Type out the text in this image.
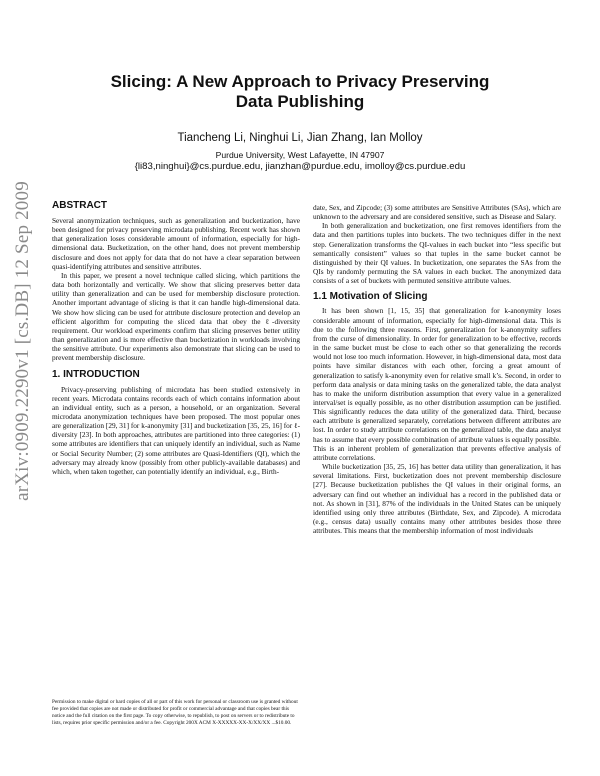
arXiv:0909.2290v1 [cs.DB] 12 Sep 2009
Slicing: A New Approach to Privacy Preserving
Data Publishing
Tiancheng Li, Ninghui Li, Jian Zhang, Ian Molloy
Purdue University, West Lafayette, IN 47907
{li83,ninghui}@cs.purdue.edu, jianzhan@purdue.edu, imolloy@cs.purdue.edu
ABSTRACT

Several anonymization techniques, such as generalization and bucketization, have been designed for privacy preserving microdata publishing. Recent work has shown that generalization loses considerable amount of information, especially for high-dimensional data. Bucketization, on the other hand, does not prevent membership disclosure and does not apply for data that do not have a clear separation between quasi-identifying attributes and sensitive attributes.

In this paper, we present a novel technique called slicing, which partitions the data both horizontally and vertically. We show that slicing preserves better data utility than generalization and can be used for membership disclosure protection. Another important advantage of slicing is that it can handle high-dimensional data. We show how slicing can be used for attribute disclosure protection and develop an efficient algorithm for computing the sliced data that obey the ℓ-diversity requirement. Our workload experiments confirm that slicing preserves better utility than generalization and is more effective than bucketization in workloads involving the sensitive attribute. Our experiments also demonstrate that slicing can be used to prevent membership disclosure.

1. INTRODUCTION

Privacy-preserving publishing of microdata has been studied extensively in recent years. Microdata contains records each of which contains information about an individual entity, such as a person, a household, or an organization. Several microdata anonymization techniques have been proposed. The most popular ones are generalization [29, 31] for k-anonymity [31] and bucketization [35, 25, 16] for ℓ-diversity [23]. In both approaches, attributes are partitioned into three categories: (1) some attributes are identifiers that can uniquely identify an individual, such as Name or Social Security Number; (2) some attributes are Quasi-Identifiers (QI), which the adversary may already know (possibly from other publicly-available databases) and which, when taken together, can potentially identify an individual, e.g., Birth-

Permission to make digital or hard copies of all or part of this work for personal or classroom use is granted without fee provided that copies are not made or distributed for profit or commercial advantage and that copies bear this notice and the full citation on the first page. To copy otherwise, to republish, to post on servers or to redistribute to lists, requires prior specific permission and/or a fee. Copyright 200X ACM X-XXXXX-XX-X/XX/XX ...$10.00.

date, Sex, and Zipcode; (3) some attributes are Sensitive Attributes (SAs), which are unknown to the adversary and are considered sensitive, such as Disease and Salary.

In both generalization and bucketization, one first removes identifiers from the data and then partitions tuples into buckets. The two techniques differ in the next step. Generalization transforms the QI-values in each bucket into “less specific but semantically consistent” values so that tuples in the same bucket cannot be distinguished by their QI values. In bucketization, one separates the SAs from the QIs by randomly permuting the SA values in each bucket. The anonymized data consists of a set of buckets with permuted sensitive attribute values.

1.1 Motivation of Slicing

It has been shown [1, 15, 35] that generalization for k-anonymity loses considerable amount of information, especially for high-dimensional data. This is due to the following three reasons. First, generalization for k-anonymity suffers from the curse of dimensionality. In order for generalization to be effective, records in the same bucket must be close to each other so that generalizing the records would not lose too much information. However, in high-dimensional data, most data points have similar distances with each other, forcing a great amount of generalization to satisfy k-anonymity even for relative small k’s. Second, in order to perform data analysis or data mining tasks on the generalized table, the data analyst has to make the uniform distribution assumption that every value in a generalized interval/set is equally possible, as no other distribution assumption can be justified. This significantly reduces the data utility of the generalized data. Third, because each attribute is generalized separately, correlations between different attributes are lost. In order to study attribute correlations on the generalized table, the data analyst has to assume that every possible combination of attribute values is equally possible. This is an inherent problem of generalization that prevents effective analysis of attribute correlations.

While bucketization [35, 25, 16] has better data utility than generalization, it has several limitations. First, bucketization does not prevent membership disclosure [27]. Because bucketization publishes the QI values in their original forms, an adversary can find out whether an individual has a record in the published data or not. As shown in [31], 87% of the individuals in the United States can be uniquely identified using only three attributes (Birthdate, Sex, and Zipcode). A microdata (e.g., census data) usually contains many other attributes besides those three attributes. This means that the membership information of most individuals
